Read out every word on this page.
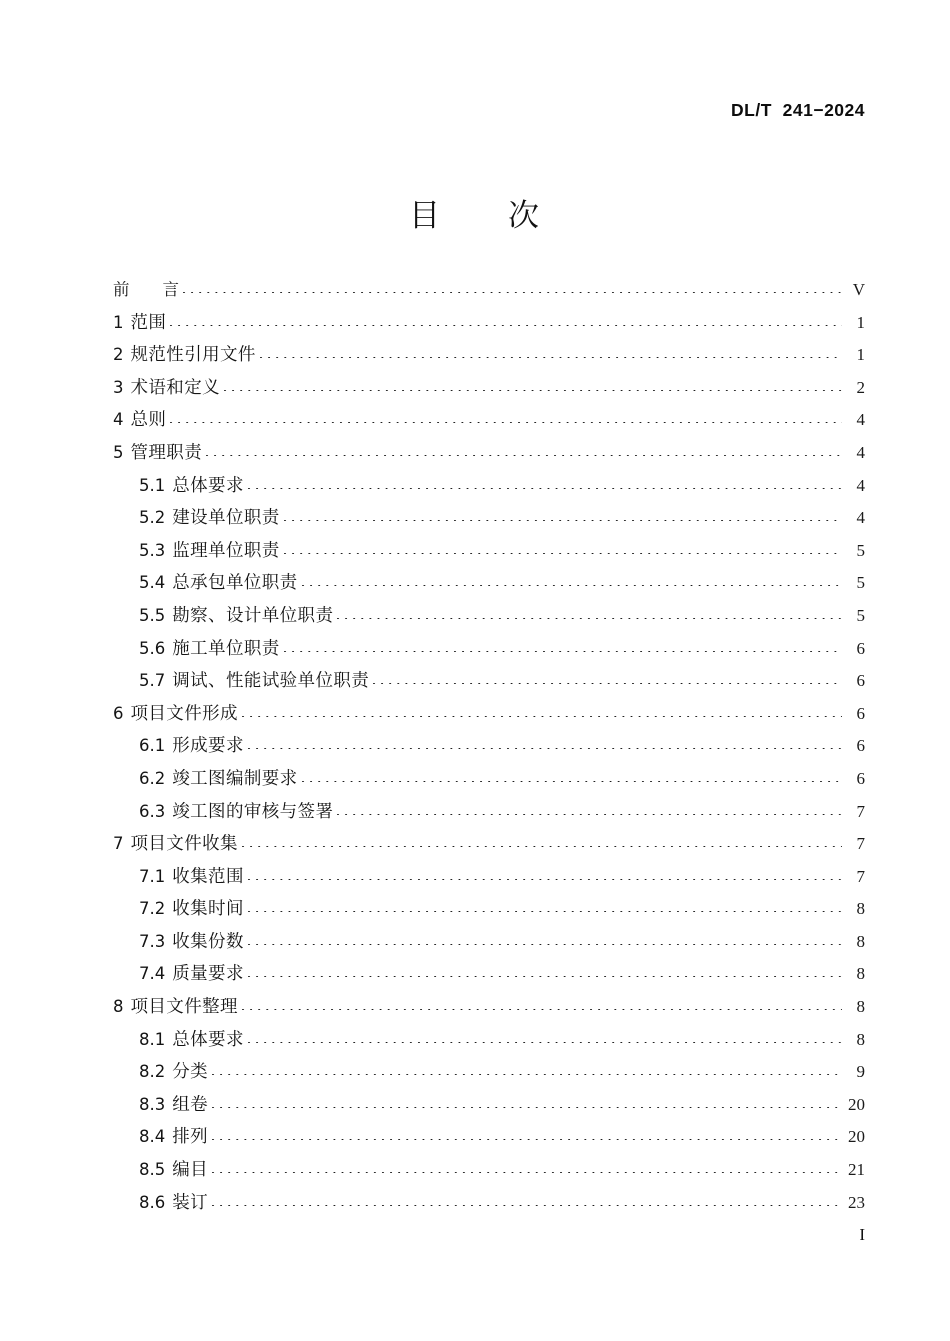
DL/T  241−2024
目　　次
前　　言	V
1 范围	1
2 规范性引用文件	1
3 术语和定义	2
4 总则	4
5 管理职责	4
5.1 总体要求	4
5.2 建设单位职责	4
5.3 监理单位职责	5
5.4 总承包单位职责	5
5.5 勘察、设计单位职责	5
5.6 施工单位职责	6
5.7 调试、性能试验单位职责	6
6 项目文件形成	6
6.1 形成要求	6
6.2 竣工图编制要求	6
6.3 竣工图的审核与签署	7
7 项目文件收集	7
7.1 收集范围	7
7.2 收集时间	8
7.3 收集份数	8
7.4 质量要求	8
8 项目文件整理	8
8.1 总体要求	8
8.2 分类	9
8.3 组卷	20
8.4 排列	20
8.5 编目	21
8.6 装订	23
I
